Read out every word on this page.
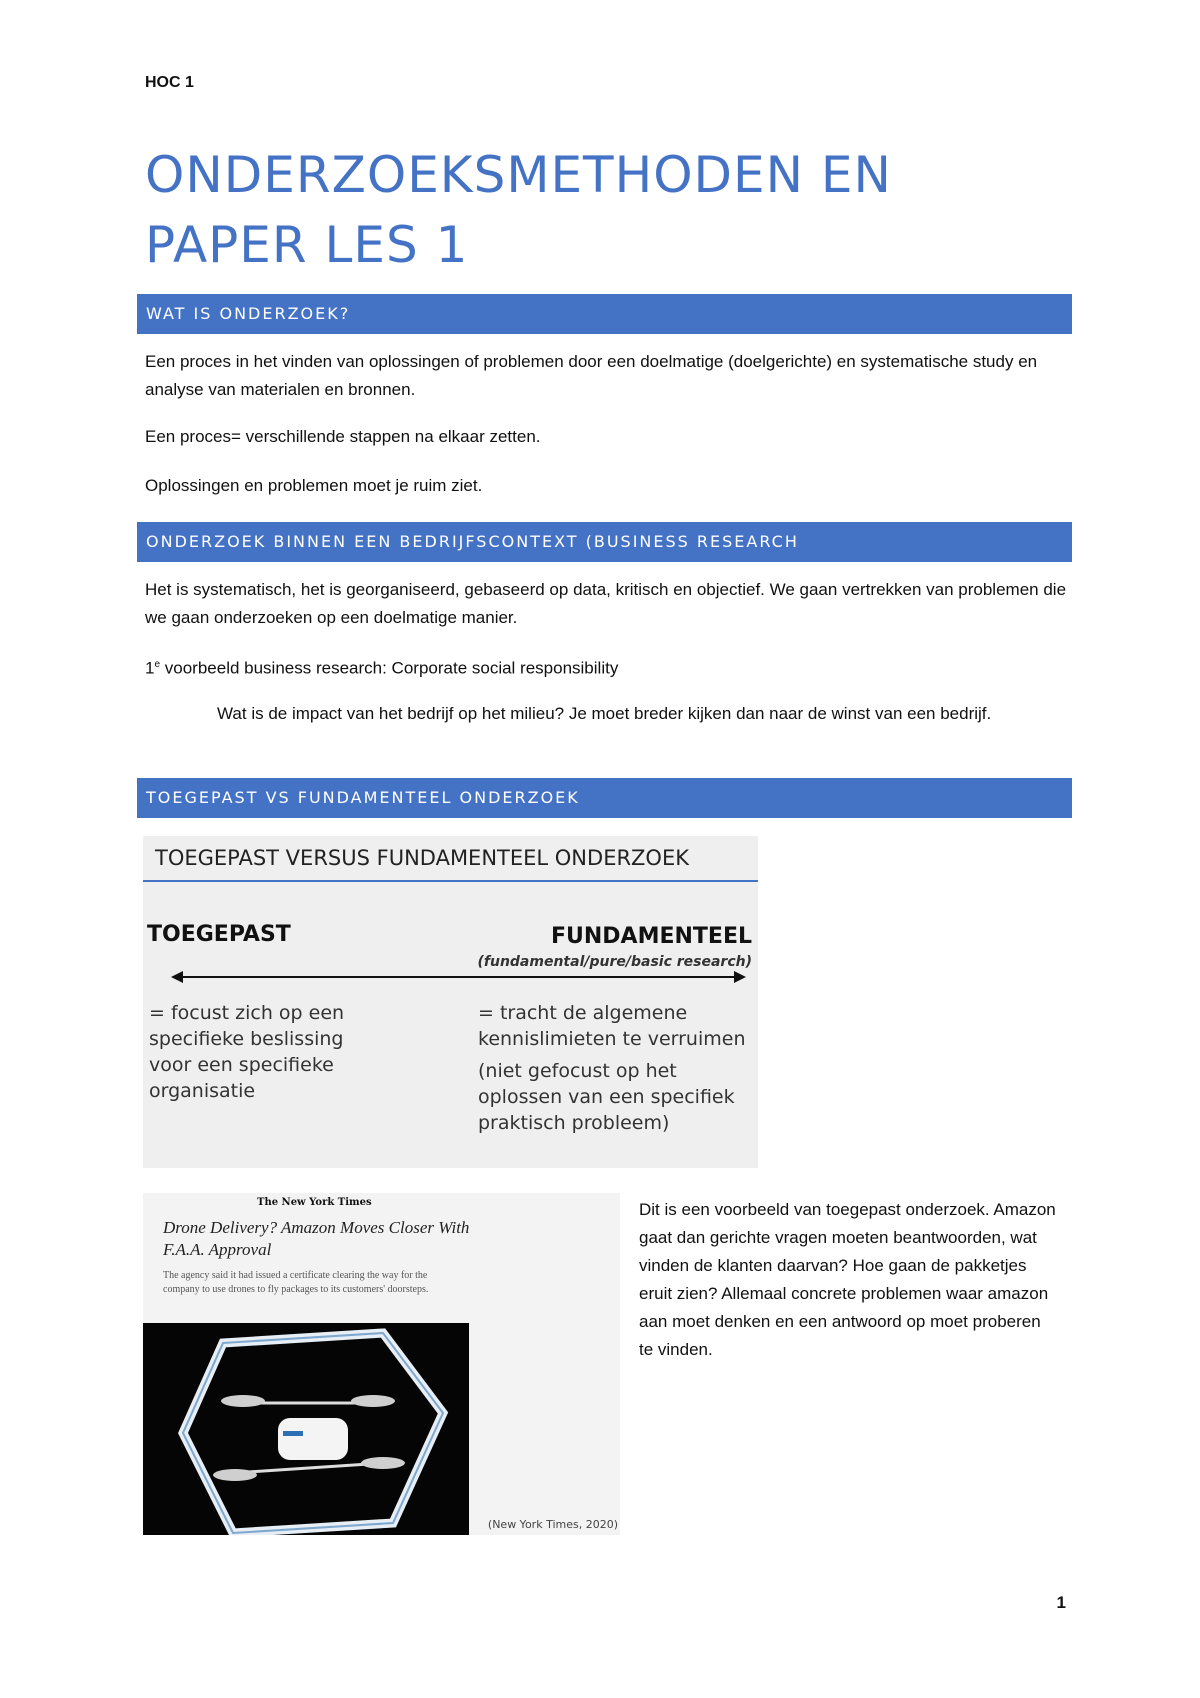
HOC 1
ONDERZOEKSMETHODEN EN
PAPER LES 1
WAT IS ONDERZOEK?
Een proces in het vinden van oplossingen of problemen door een doelmatige (doelgerichte) en systematische study en analyse van materialen en bronnen.
Een proces= verschillende stappen na elkaar zetten.
Oplossingen en problemen moet je ruim ziet.
ONDERZOEK BINNEN EEN BEDRIJFSCONTEXT (BUSINESS RESEARCH
Het is systematisch, het is georganiseerd, gebaseerd op data, kritisch en objectief. We gaan vertrekken van problemen die we gaan onderzoeken op een doelmatige manier.
1e voorbeeld business research: Corporate social responsibility
Wat is de impact van het bedrijf op het milieu? Je moet breder kijken dan naar de winst van een bedrijf.
TOEGEPAST VS FUNDAMENTEEL ONDERZOEK
TOEGEPAST VERSUS FUNDAMENTEEL ONDERZOEK
TOEGEPAST	FUNDAMENTEEL
(fundamental/pure/basic research)
= focust zich op een specifieke beslissing voor een specifieke organisatie
= tracht de algemene kennislimieten te verruimen
(niet gefocust op het oplossen van een specifiek praktisch probleem)
The New York Times
Drone Delivery? Amazon Moves Closer With F.A.A. Approval
The agency said it had issued a certificate clearing the way for the company to use drones to fly packages to its customers' doorsteps.
(New York Times, 2020)
Dit is een voorbeeld van toegepast onderzoek. Amazon gaat dan gerichte vragen moeten beantwoorden, wat vinden de klanten daarvan? Hoe gaan de pakketjes eruit zien? Allemaal concrete problemen waar amazon aan moet denken en een antwoord op moet proberen te vinden.
1
